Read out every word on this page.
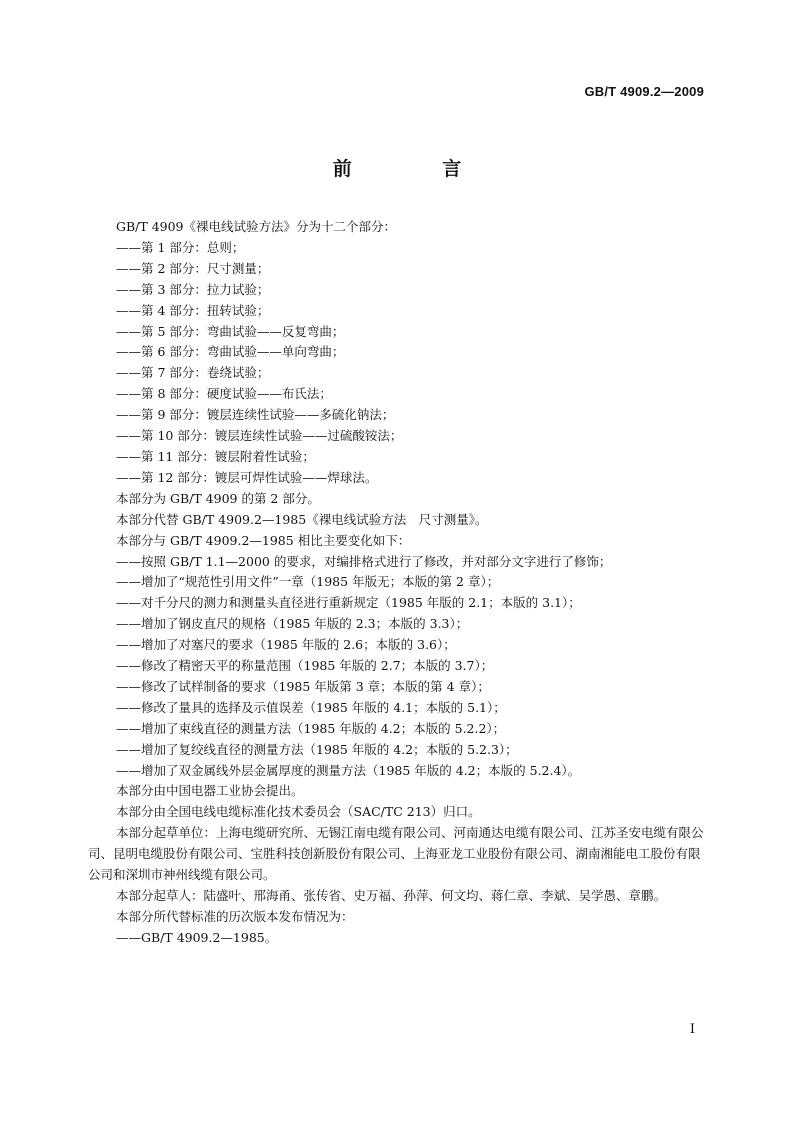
GB/T 4909.2—2009
前 言
GB/T 4909《裸电线试验方法》分为十二个部分：
——第 1 部分：总则；
——第 2 部分：尺寸测量；
——第 3 部分：拉力试验；
——第 4 部分：扭转试验；
——第 5 部分：弯曲试验——反复弯曲；
——第 6 部分：弯曲试验——单向弯曲；
——第 7 部分：卷绕试验；
——第 8 部分：硬度试验——布氏法；
——第 9 部分：镀层连续性试验——多硫化钠法；
——第 10 部分：镀层连续性试验——过硫酸铵法；
——第 11 部分：镀层附着性试验；
——第 12 部分：镀层可焊性试验——焊球法。
本部分为 GB/T 4909 的第 2 部分。
本部分代替 GB/T 4909.2—1985《裸电线试验方法　尺寸测量》。
本部分与 GB/T 4909.2—1985 相比主要变化如下：
——按照 GB/T 1.1—2000 的要求，对编排格式进行了修改，并对部分文字进行了修饰；
——增加了“规范性引用文件”一章（1985 年版无；本版的第 2 章）；
——对千分尺的测力和测量头直径进行重新规定（1985 年版的 2.1；本版的 3.1）；
——增加了钢皮直尺的规格（1985 年版的 2.3；本版的 3.3）；
——增加了对塞尺的要求（1985 年版的 2.6；本版的 3.6）；
——修改了精密天平的称量范围（1985 年版的 2.7；本版的 3.7）；
——修改了试样制备的要求（1985 年版第 3 章；本版的第 4 章）；
——修改了量具的选择及示值误差（1985 年版的 4.1；本版的 5.1）；
——增加了束线直径的测量方法（1985 年版的 4.2；本版的 5.2.2）；
——增加了复绞线直径的测量方法（1985 年版的 4.2；本版的 5.2.3）；
——增加了双金属线外层金属厚度的测量方法（1985 年版的 4.2；本版的 5.2.4）。
本部分由中国电器工业协会提出。
本部分由全国电线电缆标准化技术委员会（SAC/TC 213）归口。
本部分起草单位：上海电缆研究所、无锡江南电缆有限公司、河南通达电缆有限公司、江苏圣安电缆有限公司、昆明电缆股份有限公司、宝胜科技创新股份有限公司、上海亚龙工业股份有限公司、湖南湘能电工股份有限公司和深圳市神州线缆有限公司。
本部分起草人：陆盛叶、邢海甬、张传省、史万福、孙萍、何文均、蒋仁章、李斌、吴学愚、章鹏。
本部分所代替标准的历次版本发布情况为：
——GB/T 4909.2—1985。
I
